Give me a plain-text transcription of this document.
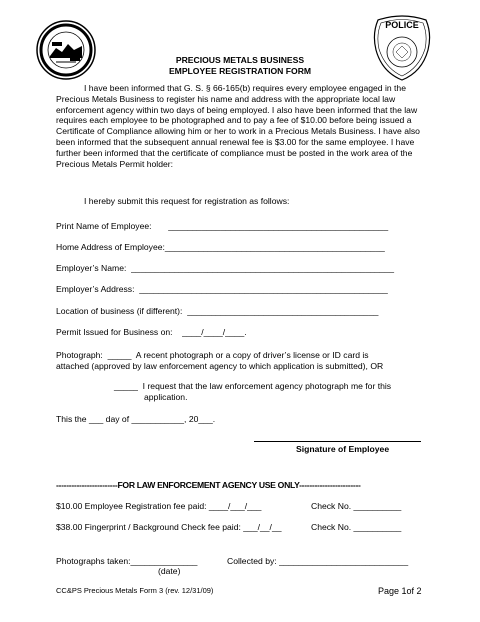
POLICE
PRECIOUS METALS BUSINESS
EMPLOYEE REGISTRATION FORM
I have been informed that G. S. § 66-165(b) requires every employee engaged in the Precious Metals Business to register his name and address with the appropriate local law enforcement agency within two days of being employed. I also have been informed that the law requires each employee to be photographed and to pay a fee of $10.00 before being issued a Certificate of Compliance allowing him or her to work in a Precious Metals Business. I have also been informed that the subsequent annual renewal fee is $3.00 for the same employee. I have further been informed that the certificate of compliance must be posted in the work area of the Precious Metals Permit holder:
I hereby submit this request for registration as follows:
Print Name of Employee:       ______________________________________________
Home Address of Employee:______________________________________________
Employer’s Name:  _______________________________________________________
Employer’s Address:  ____________________________________________________
Location of business (if different):  ________________________________________
Permit Issued for Business on:    ____/____/____.
Photograph:  _____  A recent photograph or a copy of driver’s license or ID card is
attached (approved by law enforcement agency to which application is submitted), OR
_____  I request that the law enforcement agency photograph me for this
application.
This the ___ day of ___________, 20___.
Signature of Employee
------------------------FOR LAW ENFORCEMENT AGENCY USE ONLY------------------------
$10.00 Employee Registration fee paid: ____/___/___	Check No. __________
$38.00 Fingerprint / Background Check fee paid: ___/__/__	Check No. __________
Photographs taken:______________	Collected by: ___________________________
(date)
CC&PS Precious Metals Form 3 (rev. 12/31/09)	Page 1of 2
